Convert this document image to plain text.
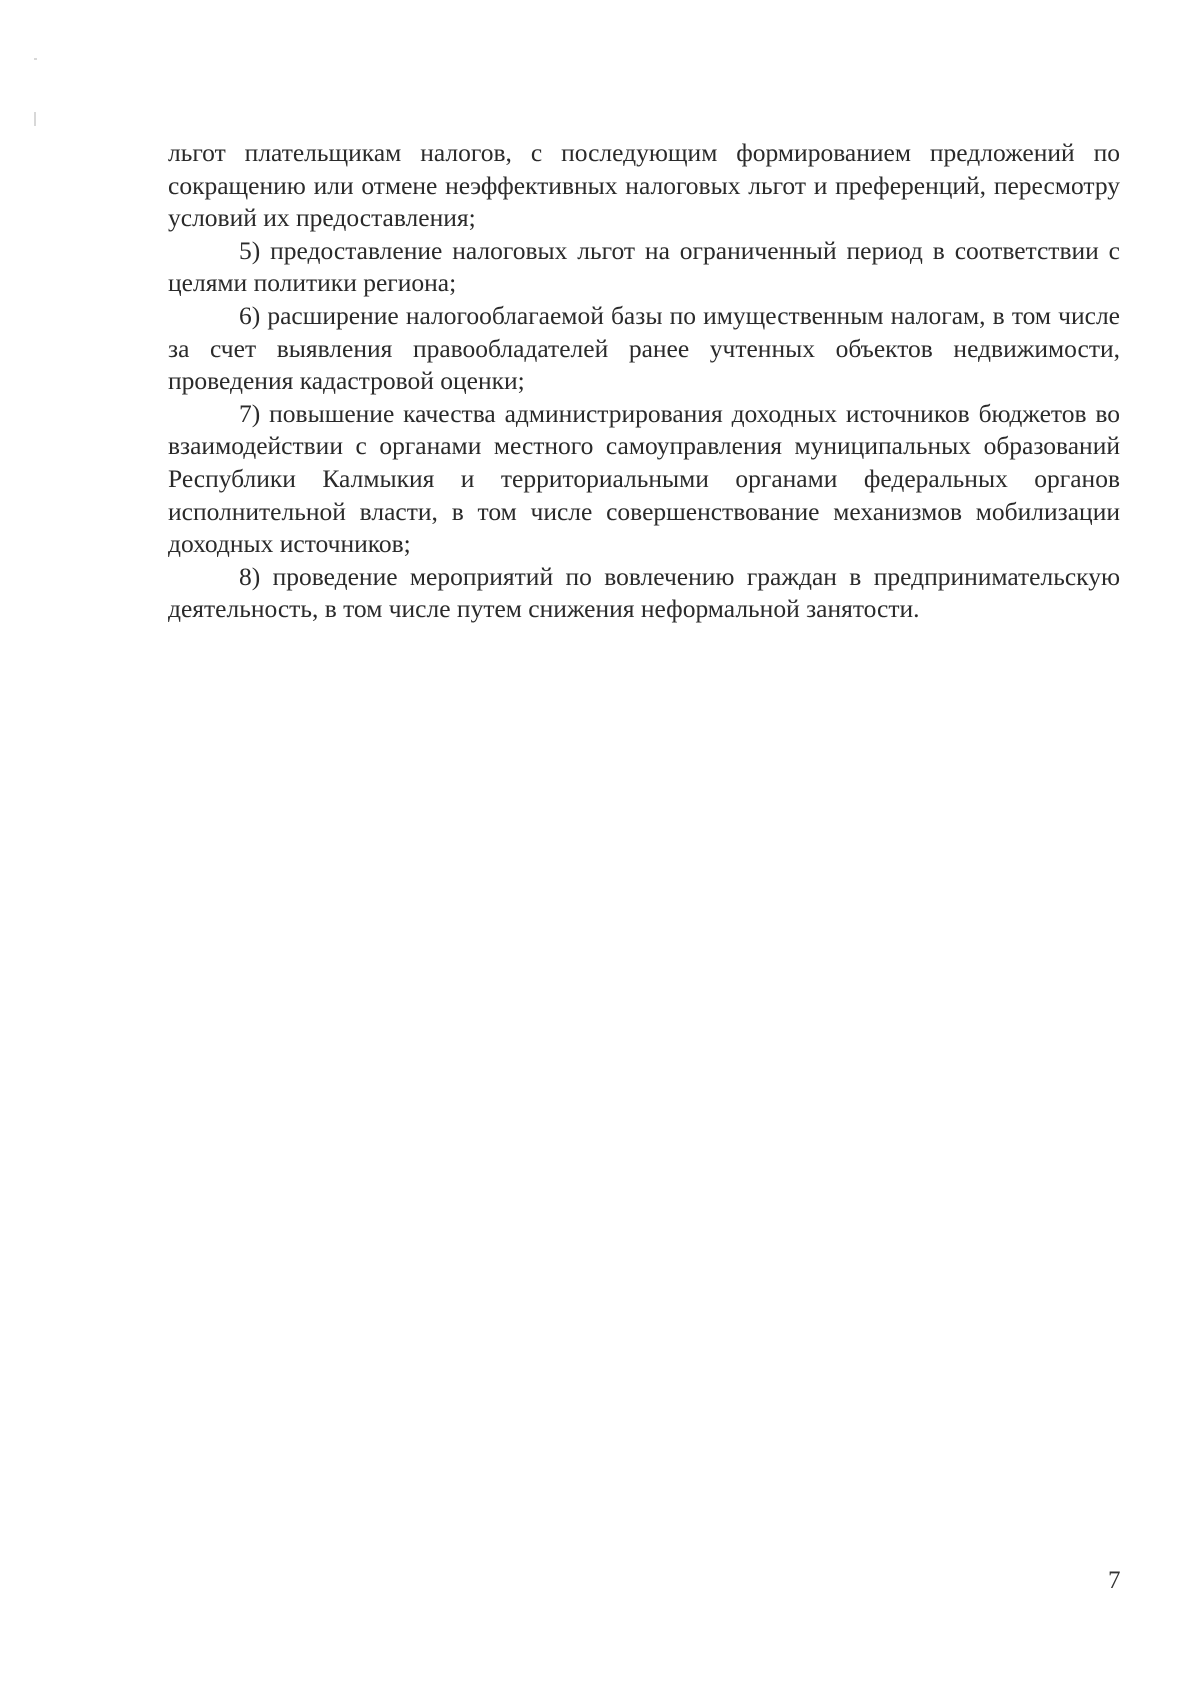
льгот плательщикам налогов, с последующим формированием предложений по сокращению или отмене неэффективных налоговых льгот и преференций, пересмотру условий их предоставления;

5) предоставление налоговых льгот на ограниченный период в соответствии с целями политики региона;

6) расширение налогооблагаемой базы по имущественным налогам, в том числе за счет выявления правообладателей ранее учтенных объектов недвижимости, проведения кадастровой оценки;

7) повышение качества администрирования доходных источников бюджетов во взаимодействии с органами местного самоуправления муниципальных образований Республики Калмыкия и территориальными органами федеральных органов исполнительной власти, в том числе совершенствование механизмов мобилизации доходных источников;

8) проведение мероприятий по вовлечению граждан в предпринимательскую деятельность, в том числе путем снижения неформальной занятости.

7
